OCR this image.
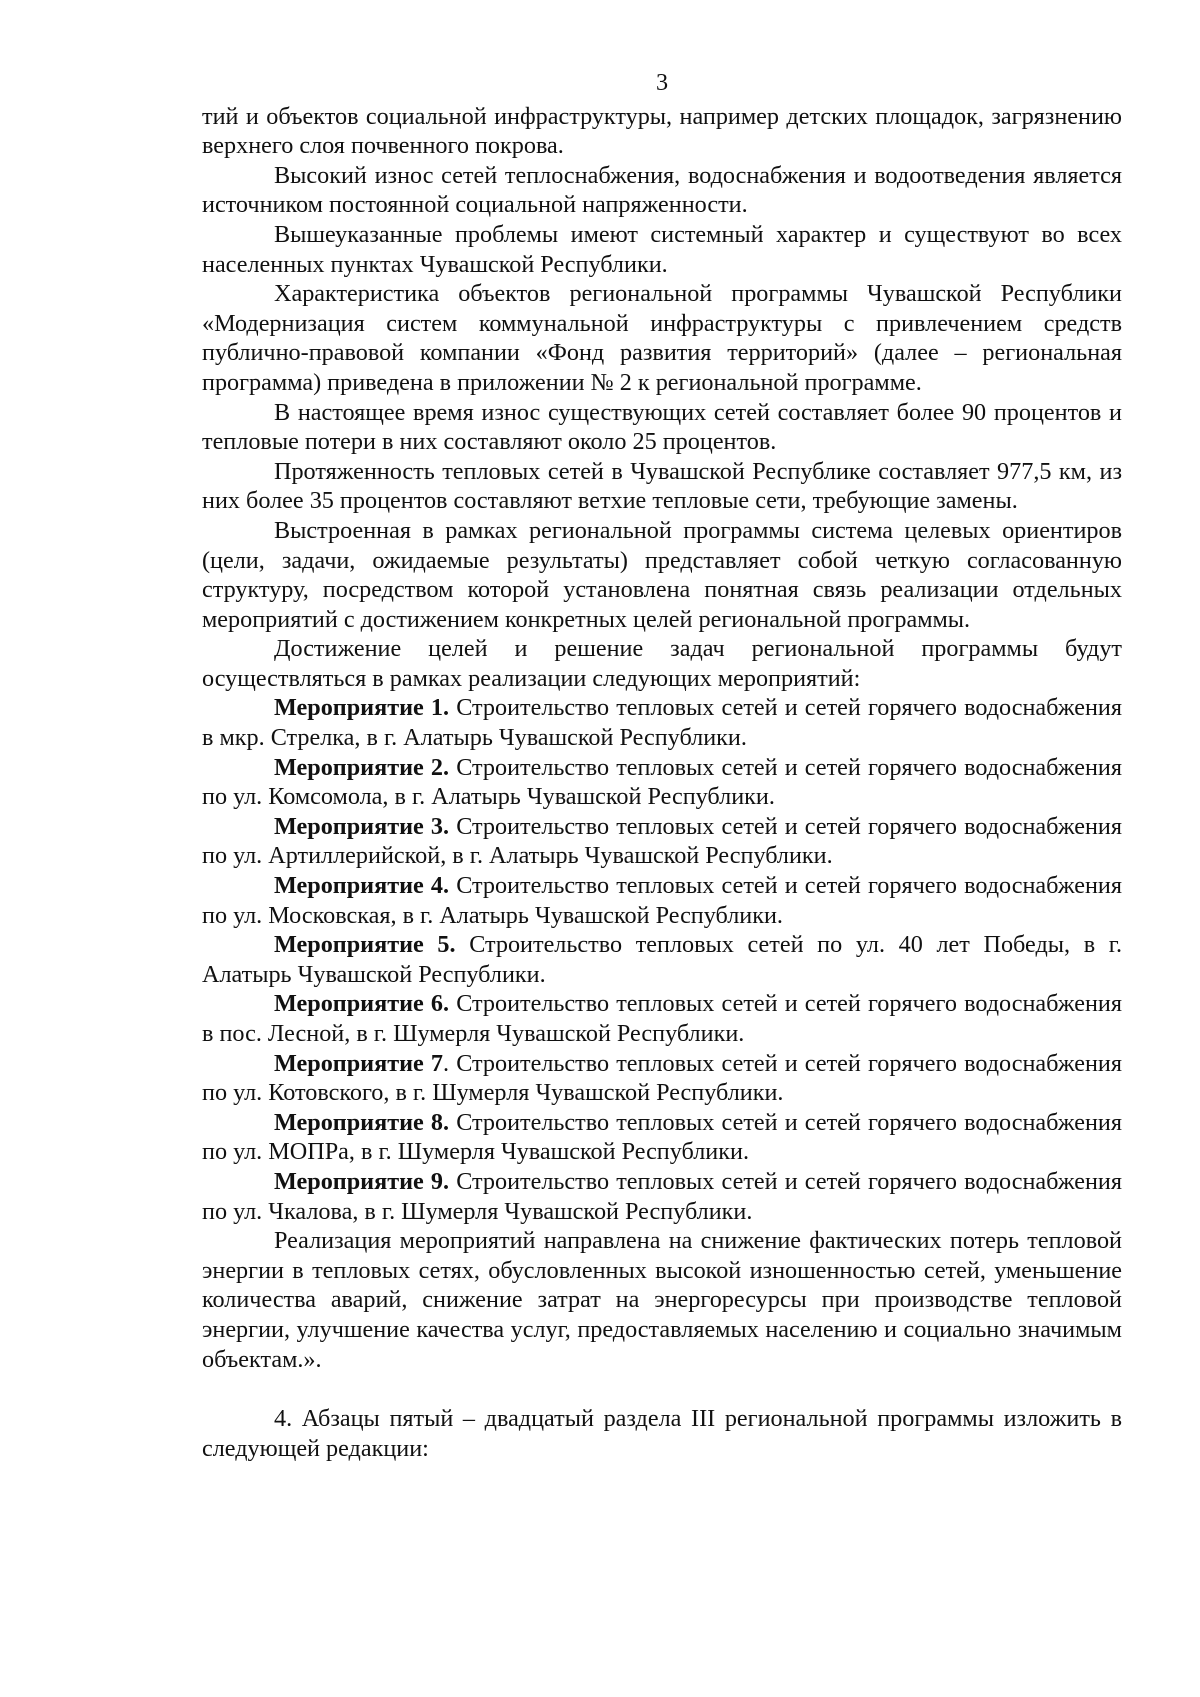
3

тий и объектов социальной инфраструктуры, например детских площадок, загрязнению верхнего слоя почвенного покрова.

Высокий износ сетей теплоснабжения, водоснабжения и водоотведения является источником постоянной социальной напряженности.

Вышеуказанные проблемы имеют системный характер и существуют во всех населенных пунктах Чувашской Республики.

Характеристика объектов региональной программы Чувашской Республики «Модернизация систем коммунальной инфраструктуры с привлечением средств публично-правовой компании «Фонд развития территорий» (далее – региональная программа) приведена в приложении № 2 к региональной программе.

В настоящее время износ существующих сетей составляет более 90 процентов и тепловые потери в них составляют около 25 процентов.

Протяженность тепловых сетей в Чувашской Республике составляет 977,5 км, из них более 35 процентов составляют ветхие тепловые сети, требующие замены.

Выстроенная в рамках региональной программы система целевых ориентиров (цели, задачи, ожидаемые результаты) представляет собой четкую согласованную структуру, посредством которой установлена понятная связь реализации отдельных мероприятий с достижением конкретных целей региональной программы.

Достижение целей и решение задач региональной программы будут осуществляться в рамках реализации следующих мероприятий:

Мероприятие 1. Строительство тепловых сетей и сетей горячего водоснабжения в мкр. Стрелка, в г. Алатырь Чувашской Республики.

Мероприятие 2. Строительство тепловых сетей и сетей горячего водоснабжения по ул. Комсомола, в г. Алатырь Чувашской Республики.

Мероприятие 3. Строительство тепловых сетей и сетей горячего водоснабжения по ул. Артиллерийской, в г. Алатырь Чувашской Республики.

Мероприятие 4. Строительство тепловых сетей и сетей горячего водоснабжения по ул. Московская, в г. Алатырь Чувашской Республики.

Мероприятие 5. Строительство тепловых сетей по ул. 40 лет Победы, в г. Алатырь Чувашской Республики.

Мероприятие 6. Строительство тепловых сетей и сетей горячего водоснабжения в пос. Лесной, в г. Шумерля Чувашской Республики.

Мероприятие 7. Строительство тепловых сетей и сетей горячего водоснабжения по ул. Котовского, в г. Шумерля Чувашской Республики.

Мероприятие 8. Строительство тепловых сетей и сетей горячего водоснабжения по ул. МОПРа, в г. Шумерля Чувашской Республики.

Мероприятие 9. Строительство тепловых сетей и сетей горячего водоснабжения по ул. Чкалова, в г. Шумерля Чувашской Республики.

Реализация мероприятий направлена на снижение фактических потерь тепловой энергии в тепловых сетях, обусловленных высокой изношенностью сетей, уменьшение количества аварий, снижение затрат на энергоресурсы при производстве тепловой энергии, улучшение качества услуг, предоставляемых населению и социально значимым объектам.».

4. Абзацы пятый – двадцатый раздела III региональной программы изложить в следующей редакции:
